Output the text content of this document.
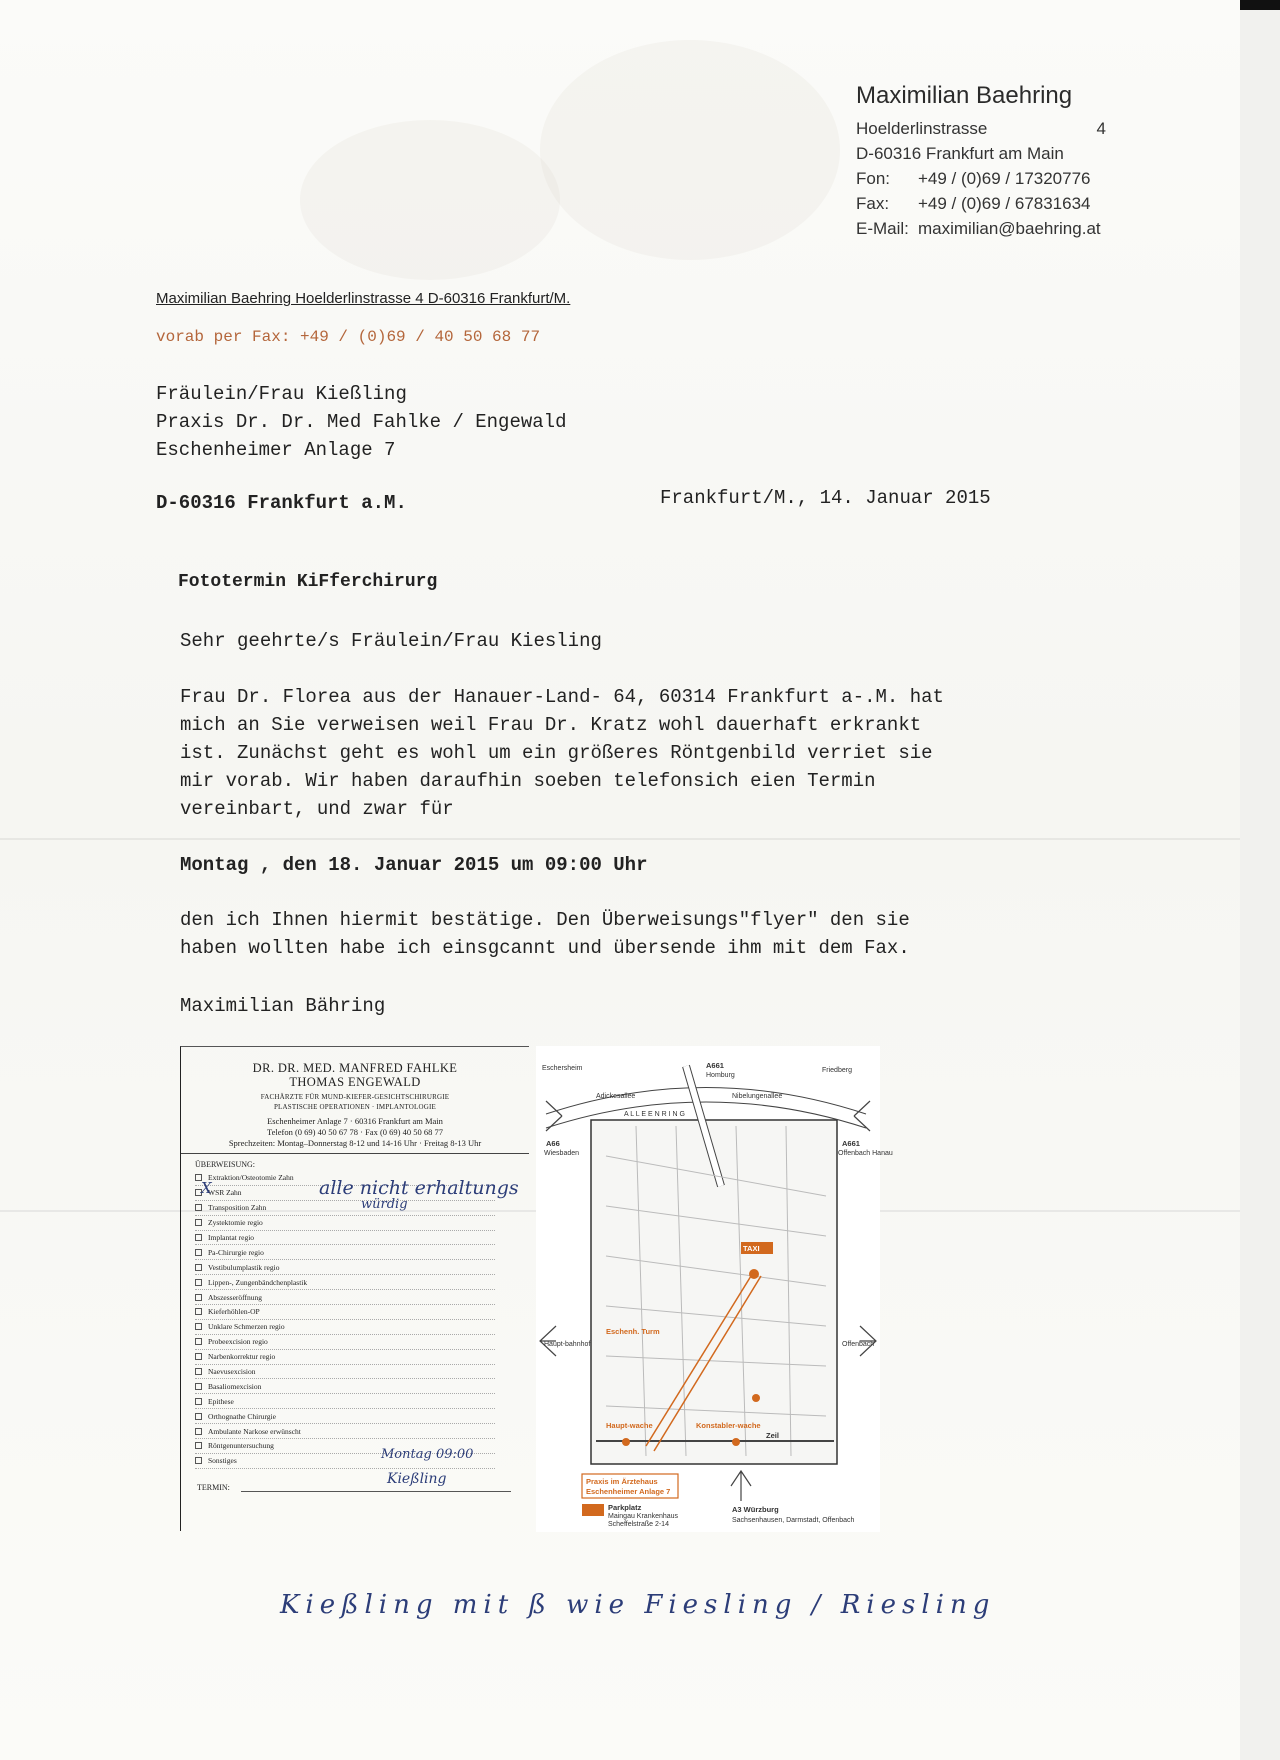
Maximilian Baehring
Hoelderlinstrasse	4
D-60316 Frankfurt am Main
Fon:	+49 / (0)69 / 17320776
Fax:	+49 / (0)69 / 67831634
E-Mail: maximilian@baehring.at
Maximilian Baehring Hoelderlinstrasse 4 D-60316 Frankfurt/M.
vorab per Fax: +49 / (0)69 / 40 50 68 77
Fräulein/Frau Kießling
Praxis Dr. Dr. Med Fahlke / Engewald
Eschenheimer Anlage 7
D-60316 Frankfurt a.M.	Frankfurt/M., 14. Januar 2015
Fototermin KiFferchirurg
Sehr geehrte/s Fräulein/Frau Kiesling
Frau Dr. Florea aus der Hanauer-Land- 64, 60314 Frankfurt a-.M. hat
mich an Sie verweisen weil Frau Dr. Kratz wohl dauerhaft erkrankt
ist. Zunächst geht es wohl um ein größeres Röntgenbild verriet sie
mir vorab. Wir haben daraufhin soeben telefonsich eien Termin
vereinbart, und zwar für
Montag , den 18. Januar 2015 um 09:00 Uhr
den ich Ihnen hiermit bestätige. Den Überweisungs"flyer" den sie
haben wollten habe ich einsgcannt und übersende ihm mit dem Fax.
Maximilian Bähring
DR. DR. MED. MANFRED FAHLKE
THOMAS ENGEWALD
FACHÄRZTE FÜR MUND-KIEFER-GESICHTSCHIRURGIE
PLASTISCHE OPERATIONEN · IMPLANTOLOGIE
Eschenheimer Anlage 7 · 60316 Frankfurt am Main
Telefon (0 69) 40 50 67 78 · Fax (0 69) 40 50 68 77
Sprechzeiten: Montag–Donnerstag 8-12 und 14-16 Uhr · Freitag 8-13 Uhr
ÜBERWEISUNG:
Extraktion/Osteotomie Zahn
WSR Zahn
Transposition Zahn
Zystektomie regio
Implantat regio
Pa-Chirurgie regio
Vestibulumplastik regio
Lippen-, Zungenbändchenplastik
Abszesseröffnung
Kieferhöhlen-OP
Unklare Schmerzen regio
Probeexcision regio
Narbenkorrektur regio
Naevusexcision
Basaliomexcision
Epithese
Orthognathe Chirurgie
Ambulante Narkose erwünscht
Röntgenuntersuchung
Sonstiges
X	alle nicht erhaltungs
würdig
Montag 09:00
Kießling
TERMIN:
Eschersheim	A661
Homburg
Friedberg
Adickesallee	Nibelungenallee
A L L E E N R I N G
A66
Wiesbaden
A661
Offenbach Hanau
Haupt-bahnhof	Offenbach
Eschenh. Turm
Haupt-wache	Konstabler-wache
Zeil
TAXI
Praxis im Ärztehaus
Eschenheimer Anlage 7
Parkplatz
Maingau Krankenhaus
Scheffelstraße 2-14
A3 Würzburg
Sachsenhausen, Darmstadt, Offenbach
Kießling mit ß wie Fiesling / Riesling
